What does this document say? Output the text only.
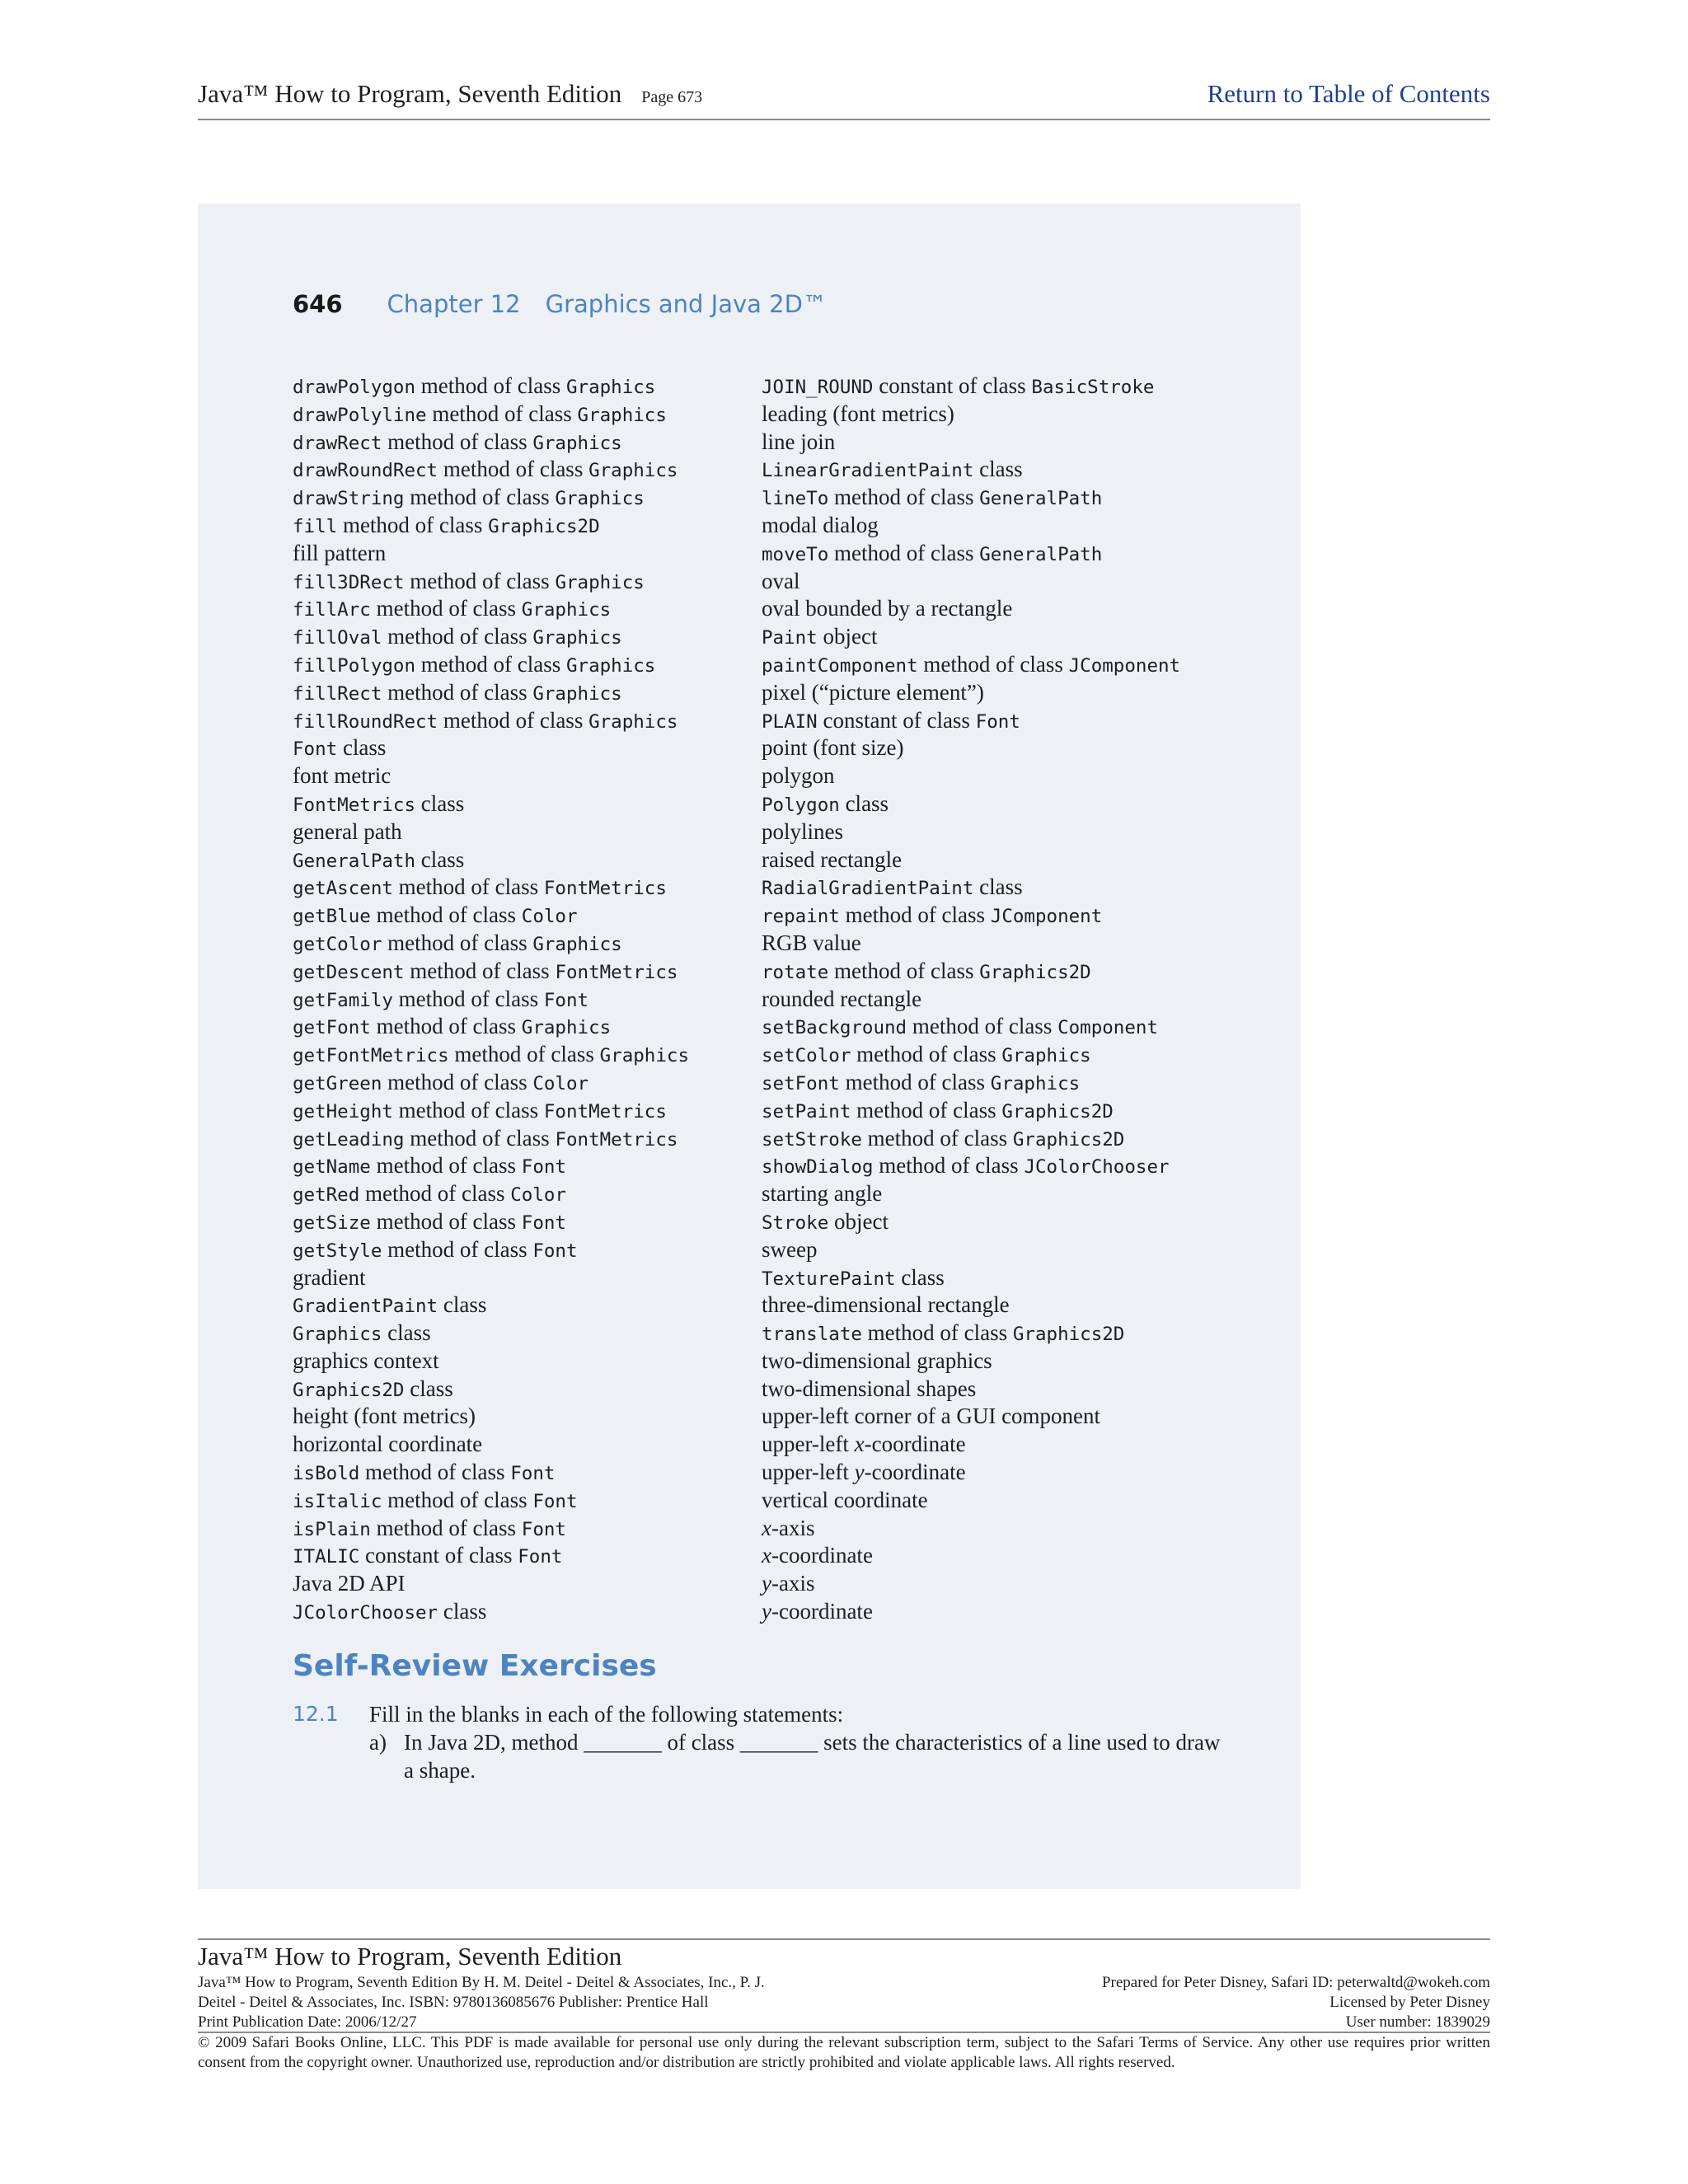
Java™ How to Program, Seventh Edition Page 673	Return to Table of Contents
646 Chapter 12 Graphics and Java 2D™
drawPolygon method of class Graphics
drawPolyline method of class Graphics
drawRect method of class Graphics
drawRoundRect method of class Graphics
drawString method of class Graphics
fill method of class Graphics2D
fill pattern
fill3DRect method of class Graphics
fillArc method of class Graphics
fillOval method of class Graphics
fillPolygon method of class Graphics
fillRect method of class Graphics
fillRoundRect method of class Graphics
Font class
font metric
FontMetrics class
general path
GeneralPath class
getAscent method of class FontMetrics
getBlue method of class Color
getColor method of class Graphics
getDescent method of class FontMetrics
getFamily method of class Font
getFont method of class Graphics
getFontMetrics method of class Graphics
getGreen method of class Color
getHeight method of class FontMetrics
getLeading method of class FontMetrics
getName method of class Font
getRed method of class Color
getSize method of class Font
getStyle method of class Font
gradient
GradientPaint class
Graphics class
graphics context
Graphics2D class
height (font metrics)
horizontal coordinate
isBold method of class Font
isItalic method of class Font
isPlain method of class Font
ITALIC constant of class Font
Java 2D API
JColorChooser class
JOIN_ROUND constant of class BasicStroke
leading (font metrics)
line join
LinearGradientPaint class
lineTo method of class GeneralPath
modal dialog
moveTo method of class GeneralPath
oval
oval bounded by a rectangle
Paint object
paintComponent method of class JComponent
pixel (“picture element”)
PLAIN constant of class Font
point (font size)
polygon
Polygon class
polylines
raised rectangle
RadialGradientPaint class
repaint method of class JComponent
RGB value
rotate method of class Graphics2D
rounded rectangle
setBackground method of class Component
setColor method of class Graphics
setFont method of class Graphics
setPaint method of class Graphics2D
setStroke method of class Graphics2D
showDialog method of class JColorChooser
starting angle
Stroke object
sweep
TexturePaint class
three-dimensional rectangle
translate method of class Graphics2D
two-dimensional graphics
two-dimensional shapes
upper-left corner of a GUI component
upper-left x-coordinate
upper-left y-coordinate
vertical coordinate
x-axis
x-coordinate
y-axis
y-coordinate
Self-Review Exercises
12.1 Fill in the blanks in each of the following statements:
a) In Java 2D, method _______ of class _______ sets the characteristics of a line used to draw a shape.
Java™ How to Program, Seventh Edition
Java™ How to Program, Seventh Edition By H. M. Deitel - Deitel & Associates, Inc., P. J.
Deitel - Deitel & Associates, Inc. ISBN: 9780136085676 Publisher: Prentice Hall
Print Publication Date: 2006/12/27
Prepared for Peter Disney, Safari ID: peterwaltd@wokeh.com
Licensed by Peter Disney
User number: 1839029
© 2009 Safari Books Online, LLC. This PDF is made available for personal use only during the relevant subscription term, subject to the Safari Terms of Service. Any other use requires prior written consent from the copyright owner. Unauthorized use, reproduction and/or distribution are strictly prohibited and violate applicable laws. All rights reserved.
